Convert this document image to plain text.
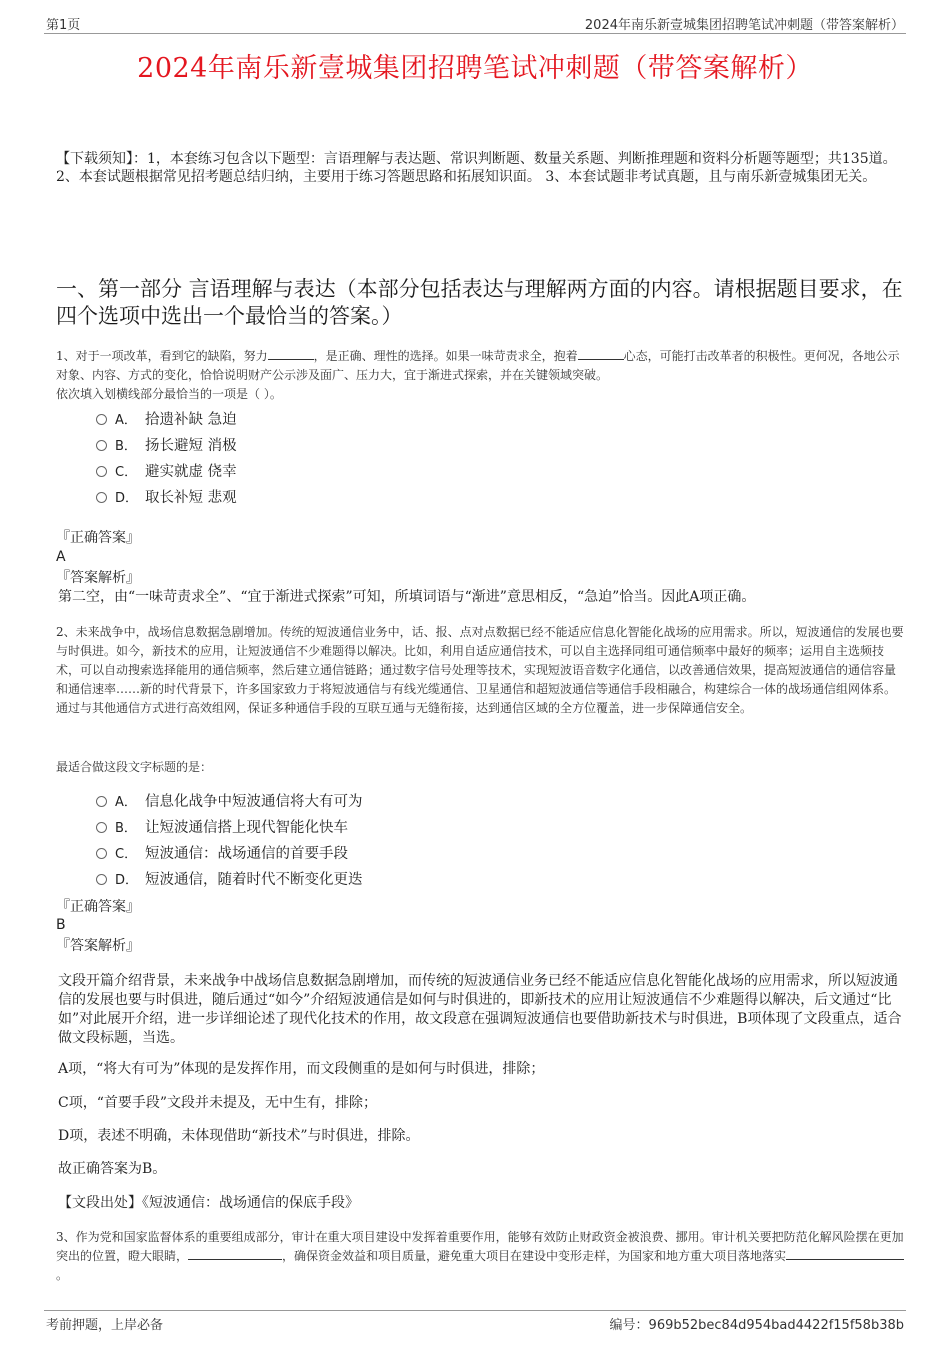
第1页	2024年南乐新壹城集团招聘笔试冲刺题（带答案解析）
2024年南乐新壹城集团招聘笔试冲刺题（带答案解析）
【下载须知】：1，本套练习包含以下题型：言语理解与表达题、常识判断题、数量关系题、判断推理题和资料分析题等题型；共135道。 2、本套试题根据常见招考题总结归纳，主要用于练习答题思路和拓展知识面。 3、本套试题非考试真题，且与南乐新壹城集团无关。
一、第一部分 言语理解与表达（本部分包括表达与理解两方面的内容。请根据题目要求，在四个选项中选出一个最恰当的答案。）
1、对于一项改革，看到它的缺陷，努力	，是正确、理性的选择。如果一味苛责求全，抱着	心态，可能打击改革者的积极性。更何况，各地公示对象、内容、方式的变化，恰恰说明财产公示涉及面广、压力大，宜于渐进式探索，并在关键领域突破。
依次填入划横线部分最恰当的一项是（ ）。
A． 拾遗补缺 急迫
B． 扬长避短 消极
C． 避实就虚 侥幸
D． 取长补短 悲观
『正确答案』
A
『答案解析』
第二空，由“一味苛责求全”、“宜于渐进式探索”可知，所填词语与“渐进”意思相反，“急迫”恰当。因此A项正确。
2、未来战争中，战场信息数据急剧增加。传统的短波通信业务中，话、报、点对点数据已经不能适应信息化智能化战场的应用需求。所以，短波通信的发展也要与时俱进。如今，新技术的应用，让短波通信不少难题得以解决。比如，利用自适应通信技术，可以自主选择同组可通信频率中最好的频率；运用自主选频技术，可以自动搜索选择能用的通信频率，然后建立通信链路；通过数字信号处理等技术，实现短波语音数字化通信，以改善通信效果，提高短波通信的通信容量和通信速率……新的时代背景下，许多国家致力于将短波通信与有线光缆通信、卫星通信和超短波通信等通信手段相融合，构建综合一体的战场通信组网体系。通过与其他通信方式进行高效组网，保证多种通信手段的互联互通与无缝衔接，达到通信区域的全方位覆盖，进一步保障通信安全。
最适合做这段文字标题的是：
A． 信息化战争中短波通信将大有可为
B． 让短波通信搭上现代智能化快车
C． 短波通信：战场通信的首要手段
D． 短波通信，随着时代不断变化更迭
『正确答案』
B
『答案解析』
文段开篇介绍背景，未来战争中战场信息数据急剧增加，而传统的短波通信业务已经不能适应信息化智能化战场的应用需求，所以短波通信的发展也要与时俱进，随后通过“如今”介绍短波通信是如何与时俱进的，即新技术的应用让短波通信不少难题得以解决，后文通过“比如”对此展开介绍，进一步详细论述了现代化技术的作用，故文段意在强调短波通信也要借助新技术与时俱进，B项体现了文段重点，适合做文段标题，当选。
A项，“将大有可为”体现的是发挥作用，而文段侧重的是如何与时俱进，排除；
C项，“首要手段”文段并未提及，无中生有，排除；
D项，表述不明确，未体现借助“新技术”与时俱进，排除。
故正确答案为B。
【文段出处】《短波通信：战场通信的保底手段》
3、作为党和国家监督体系的重要组成部分，审计在重大项目建设中发挥着重要作用，能够有效防止财政资金被浪费、挪用。审计机关要把防范化解风险摆在更加突出的位置，瞪大眼睛，	，确保资金效益和项目质量，避免重大项目在建设中变形走样，为国家和地方重大项目落地落实。
考前押题，上岸必备	编号：969b52bec84d954bad4422f15f58b38b
